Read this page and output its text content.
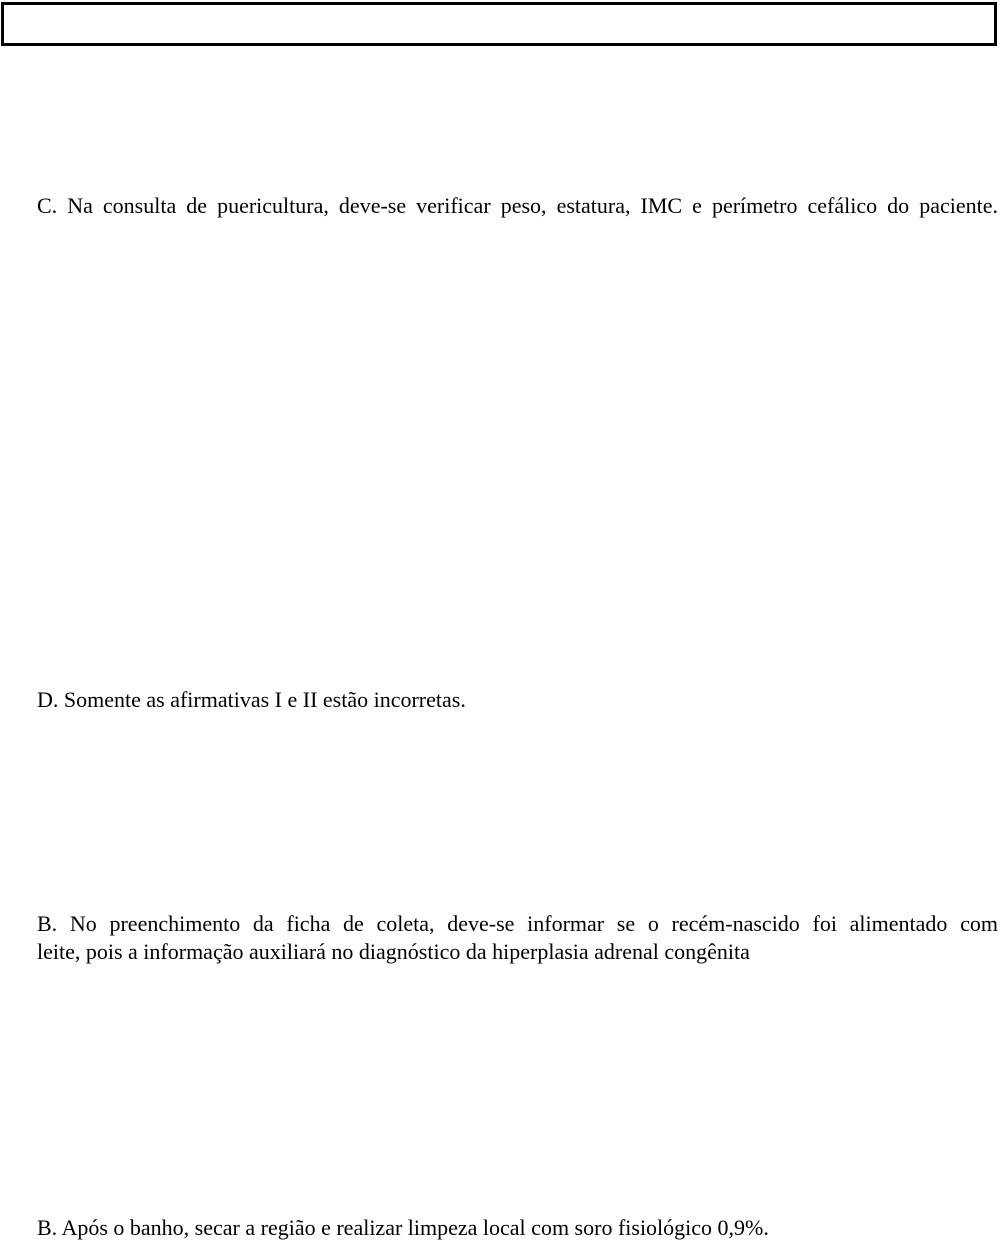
C. Na consulta de puericultura, deve-se verificar peso, estatura, IMC e perímetro cefálico do paciente.
D. Somente as afirmativas I e II estão incorretas.
B. No preenchimento da ficha de coleta, deve-se informar se o recém-nascido foi alimentado com
leite, pois a informação auxiliará no diagnóstico da hiperplasia adrenal congênita
B. Após o banho, secar a região e realizar limpeza local com soro fisiológico 0,9%.
